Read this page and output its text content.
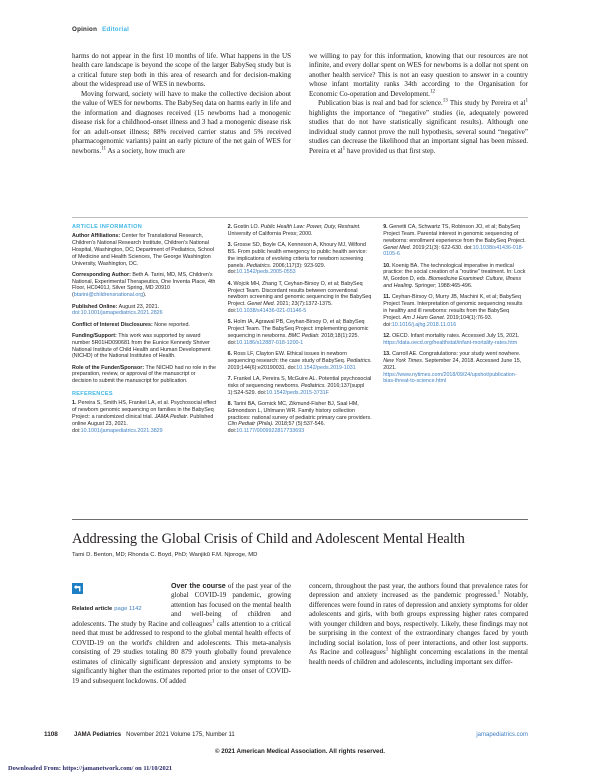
Opinion Editorial

harms do not appear in the first 10 months of life. What happens in the US health care landscape is beyond the scope of the larger BabySeq study but is a critical future step both in this area of research and for decision-making about the widespread use of WES in newborns.

Moving forward, society will have to make the collective decision about the value of WES for newborns. The BabySeq data on harms early in life and the information and diagnoses received (15 newborns had a monogenic disease risk for a childhood-onset illness and 3 had a monogenic disease risk for an adult-onset illness; 88% received carrier status and 5% received pharmacogenomic variants) paint an early picture of the net gain of WES for newborns.$^{11}$ As a society, how much are

we willing to pay for this information, knowing that our resources are not infinite, and every dollar spent on WES for newborns is a dollar not spent on another health service? This is not an easy question to answer in a country whose infant mortality ranks 34th according to the Organisation for Economic Co-operation and Development.$^{12}$

Publication bias is real and bad for science.$^{13}$ This study by Pereira et $al^1$ highlights the importance of “negative” studies (ie, adequately powered studies that do not have statistically significant results). Although one individual study cannot prove the null hypothesis, several sound “negative” studies can decrease the likelihood that an important signal has been missed. Pereira et $al^1$ have provided us that first step.

ARTICLE INFORMATION
Author Affiliations: Center for Translational Research, Children's National Research Institute, Children's National Hospital, Washington, DC; Department of Pediatrics, School of Medicine and Health Sciences, The George Washington University, Washington, DC.
Corresponding Author: Beth A. Tarini, MD, MS, Children's National, Experimental Therapeutics, One Inventa Place, 4th Floor, HC0401J, Silver Spring, MD 20910 (btarini@childrensnational.org).
Published Online: August 23, 2021.
doi:10.1001/jamapediatrics.2021.2826
Conflict of Interest Disclosures: None reported.
Funding/Support: This work was supported by award number 5R01HD090681 from the Eunice Kennedy Shriver National Institute of Child Health and Human Development (NICHD) of the National Institutes of Health.
Role of the Funder/Sponsor: The NICHD had no role in the preparation, review, or approval of the manuscript or decision to submit the manuscript for publication.
REFERENCES
1. Pereira S, Smith HS, Frankel LA, et al. Psychosocial effect of newborn genomic sequencing on families in the BabySeq Project: a randomized clinical trial. JAMA Pediatr. Published online August 23, 2021. doi:10.1001/jamapediatrics.2021.3829
2. Gostin LO. Public Health Law: Power, Duty, Restraint. University of California Press; 2000.
3. Grosse SD, Boyle CA, Kenneson A, Khoury MJ, Wilfond BS. From public health emergency to public health service: the implications of evolving criteria for newborn screening panels. Pediatrics. 2006;117(3): 923-929. doi:10.1542/peds.2005-0553
4. Wojcik MH, Zhang T, Ceyhan-Birsoy O, et al; BabySeq Project Team. Discordant results between conventional newborn screening and genomic sequencing in the BabySeq Project. Genet Med. 2021; 23(7):1372-1375. doi:10.1038/s41436-021-01146-5
5. Holm IA, Agrawal PB, Ceyhan-Birsoy O, et al; BabySeq Project Team. The BabySeq Project: implementing genomic sequencing in newborns. BMC Pediatr. 2018;18(1):225. doi:10.1186/s12887-018-1200-1
6. Ross LF, Clayton EW. Ethical issues in newborn sequencing research: the case study of BabySeq. Pediatrics. 2019;144(6):e20190031. doi:10.1542/peds.2019-1031
7. Frankel LA, Pereira S, McGuire AL. Potential psychosocial risks of sequencing newborns. Pediatrics. 2016;137(suppl 1):S24-S29. doi:10.1542/peds.2015-3731F
8. Tarini BA, Gornick MC, Zikmund-Fisher BJ, Saal HM, Edmondson L, Uhlmann WR. Family history collection practices: national survey of pediatric primary care providers. Clin Pediatr (Phila). 2018;57 (5):537-546. doi:10.1177/0009922817733693
9. Genetti CA, Schwartz TS, Robinson JO, et al; BabySeq Project Team. Parental interest in genomic sequencing of newborns: enrollment experience from the BabySeq Project. Genet Med. 2019;21(3): 622-630. doi:10.1038/s41436-018-0105-6
10. Koenig BA. The technological imperative in medical practice: the social creation of a “routine” treatment. In: Lock M, Gordon D, eds. Biomedicine Examined: Culture, Illness and Healing. Springer; 1988:465-496.
11. Ceyhan-Birsoy O, Murry JB, Machini K, et al; BabySeq Project Team. Interpretation of genomic sequencing results in healthy and ill newborns: results from the BabySeq Project. Am J Hum Genet. 2019;104(1):76-93. doi:10.1016/j.ajhg.2018.11.016
12. OECD. Infant mortality rates. Accessed July 15, 2021. https://data.oecd.org/healthstat/infant-mortality-rates.htm
13. Carroll AE. Congratulations: your study went nowhere. New York Times. September 24, 2018. Accessed June 15, 2021. https://www.nytimes.com/2018/09/24/upshot/publication-bias-threat-to-science.html
Addressing the Global Crisis of Child and Adolescent Mental Health
Tami D. Benton, MD; Rhonda C. Boyd, PhD; Wanjikũ F.M. Njoroge, MD
Related article page 1142

Over the course of the past year of the global COVID-19 pandemic, growing attention has focused on the mental health and well-being of children and adolescents. The study by Racine and colleagues$^1$ calls attention to a critical need that must be addressed to respond to the global mental health effects of COVID-19 on the world's children and adolescents. This meta-analysis consisting of 29 studies totaling 80 879 youth globally found prevalence estimates of clinically significant depression and anxiety symptoms to be significantly higher than the estimates reported prior to the onset of COVID-19 and subsequent lockdowns. Of added

concern, throughout the past year, the authors found that prevalence rates for depression and anxiety increased as the pandemic progressed.$^1$ Notably, differences were found in rates of depression and anxiety symptoms for older adolescents and girls, with both groups expressing higher rates compared with younger children and boys, respectively. Likely, these findings may not be surprising in the context of the extraordinary changes faced by youth including social isolation, loss of peer interactions, and other lost supports. As Racine and colleagues$^1$ highlight concerning escalations in the mental health needs of children and adolescents, including important sex differ-

1108	JAMA Pediatrics November 2021 Volume 175, Number 11	jamapediatrics.com
© 2021 American Medical Association. All rights reserved.
Downloaded From: https://jamanetwork.com/ on 11/10/2021
